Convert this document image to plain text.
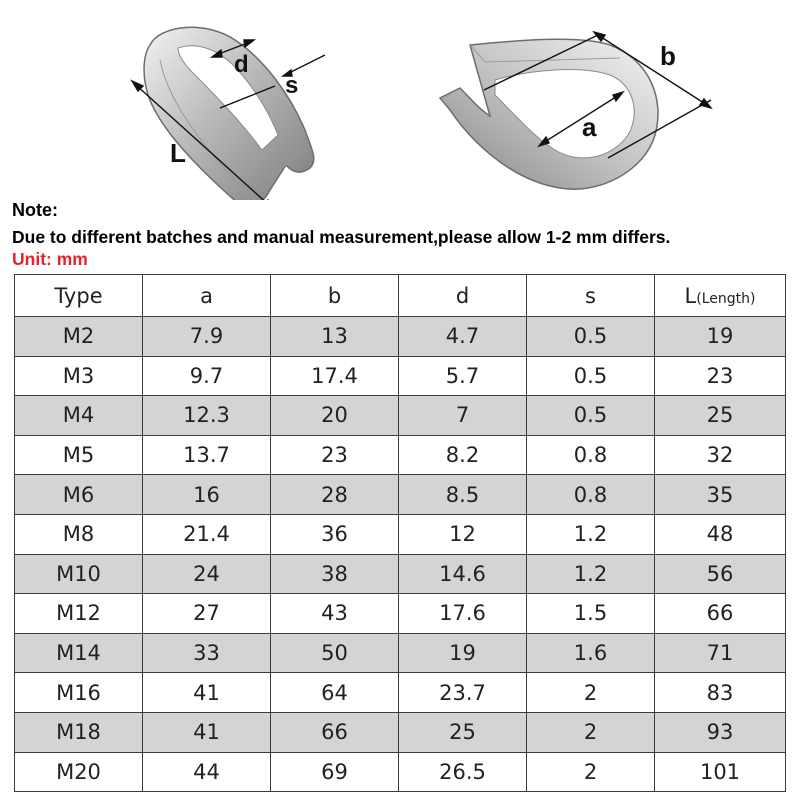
d
s
L
a
b
Note:
Due to different batches and manual measurement,please allow 1-2 mm differs.
Unit: mm
Type	a	b	d	s	L(Length)
M2	7.9	13	4.7	0.5	19
M3	9.7	17.4	5.7	0.5	23
M4	12.3	20	7	0.5	25
M5	13.7	23	8.2	0.8	32
M6	16	28	8.5	0.8	35
M8	21.4	36	12	1.2	48
M10	24	38	14.6	1.2	56
M12	27	43	17.6	1.5	66
M14	33	50	19	1.6	71
M16	41	64	23.7	2	83
M18	41	66	25	2	93
M20	44	69	26.5	2	101
